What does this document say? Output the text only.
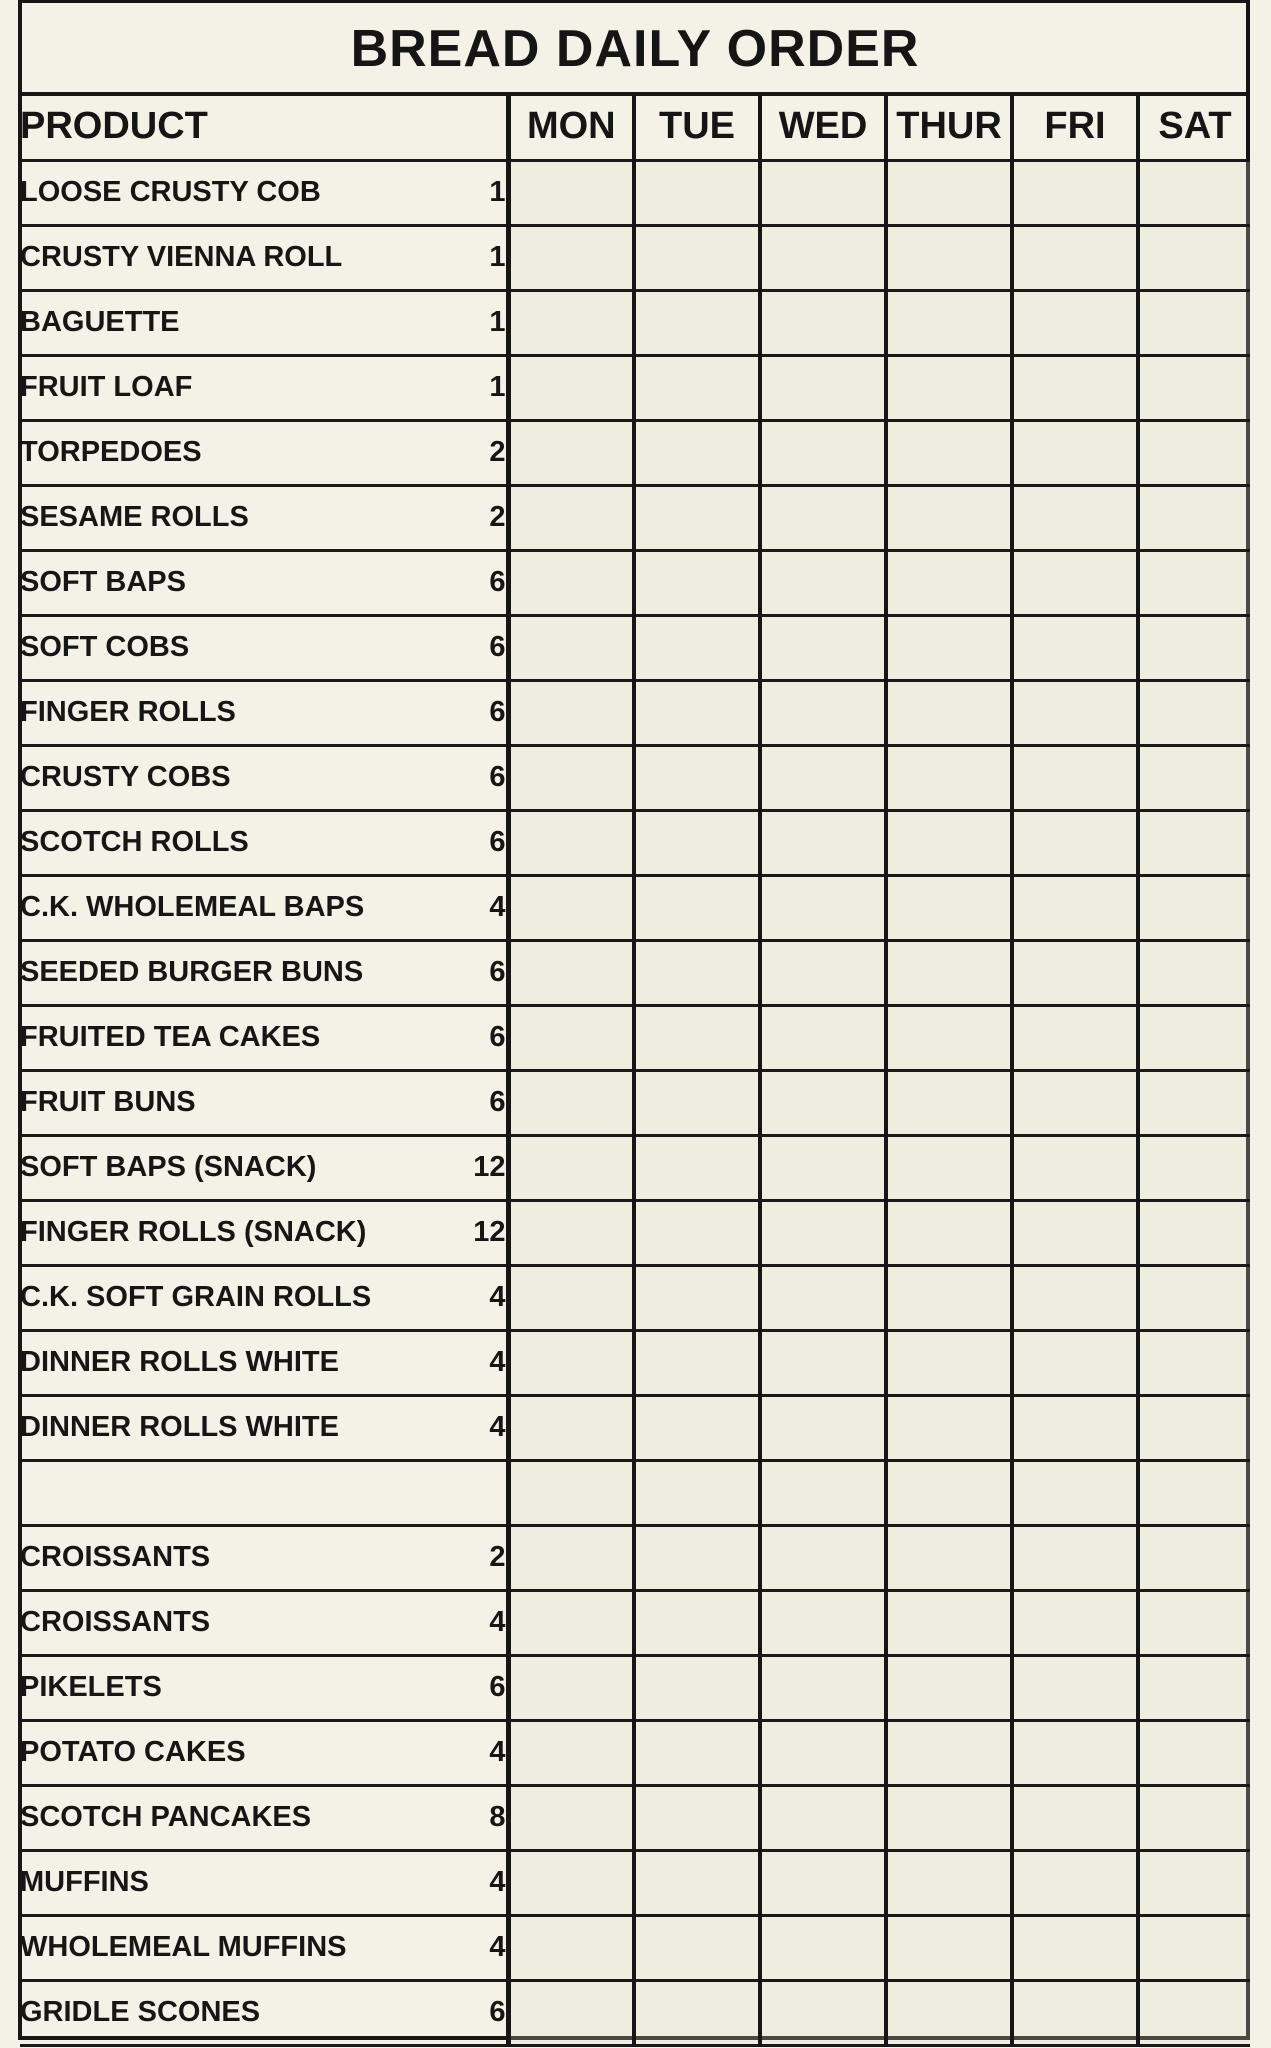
BREAD DAILY ORDER
PRODUCT		MON	TUE	WED	THUR	FRI	SAT
LOOSE CRUSTY COB	1						
CRUSTY VIENNA ROLL	1						
BAGUETTE	1						
FRUIT LOAF	1						
TORPEDOES	2						
SESAME ROLLS	2						
SOFT BAPS	6						
SOFT COBS	6						
FINGER ROLLS	6						
CRUSTY COBS	6						
SCOTCH ROLLS	6						
C.K. WHOLEMEAL BAPS	4						
SEEDED BURGER BUNS	6						
FRUITED TEA CAKES	6						
FRUIT BUNS	6						
SOFT BAPS (SNACK)	12						
FINGER ROLLS (SNACK)	12						
C.K. SOFT GRAIN ROLLS	4						
DINNER ROLLS WHITE	4						
DINNER ROLLS WHITE	4						

CROISSANTS	2						
CROISSANTS	4						
PIKELETS	6						
POTATO CAKES	4						
SCOTCH PANCAKES	8						
MUFFINS	4						
WHOLEMEAL MUFFINS	4						
GRIDLE SCONES	6						
